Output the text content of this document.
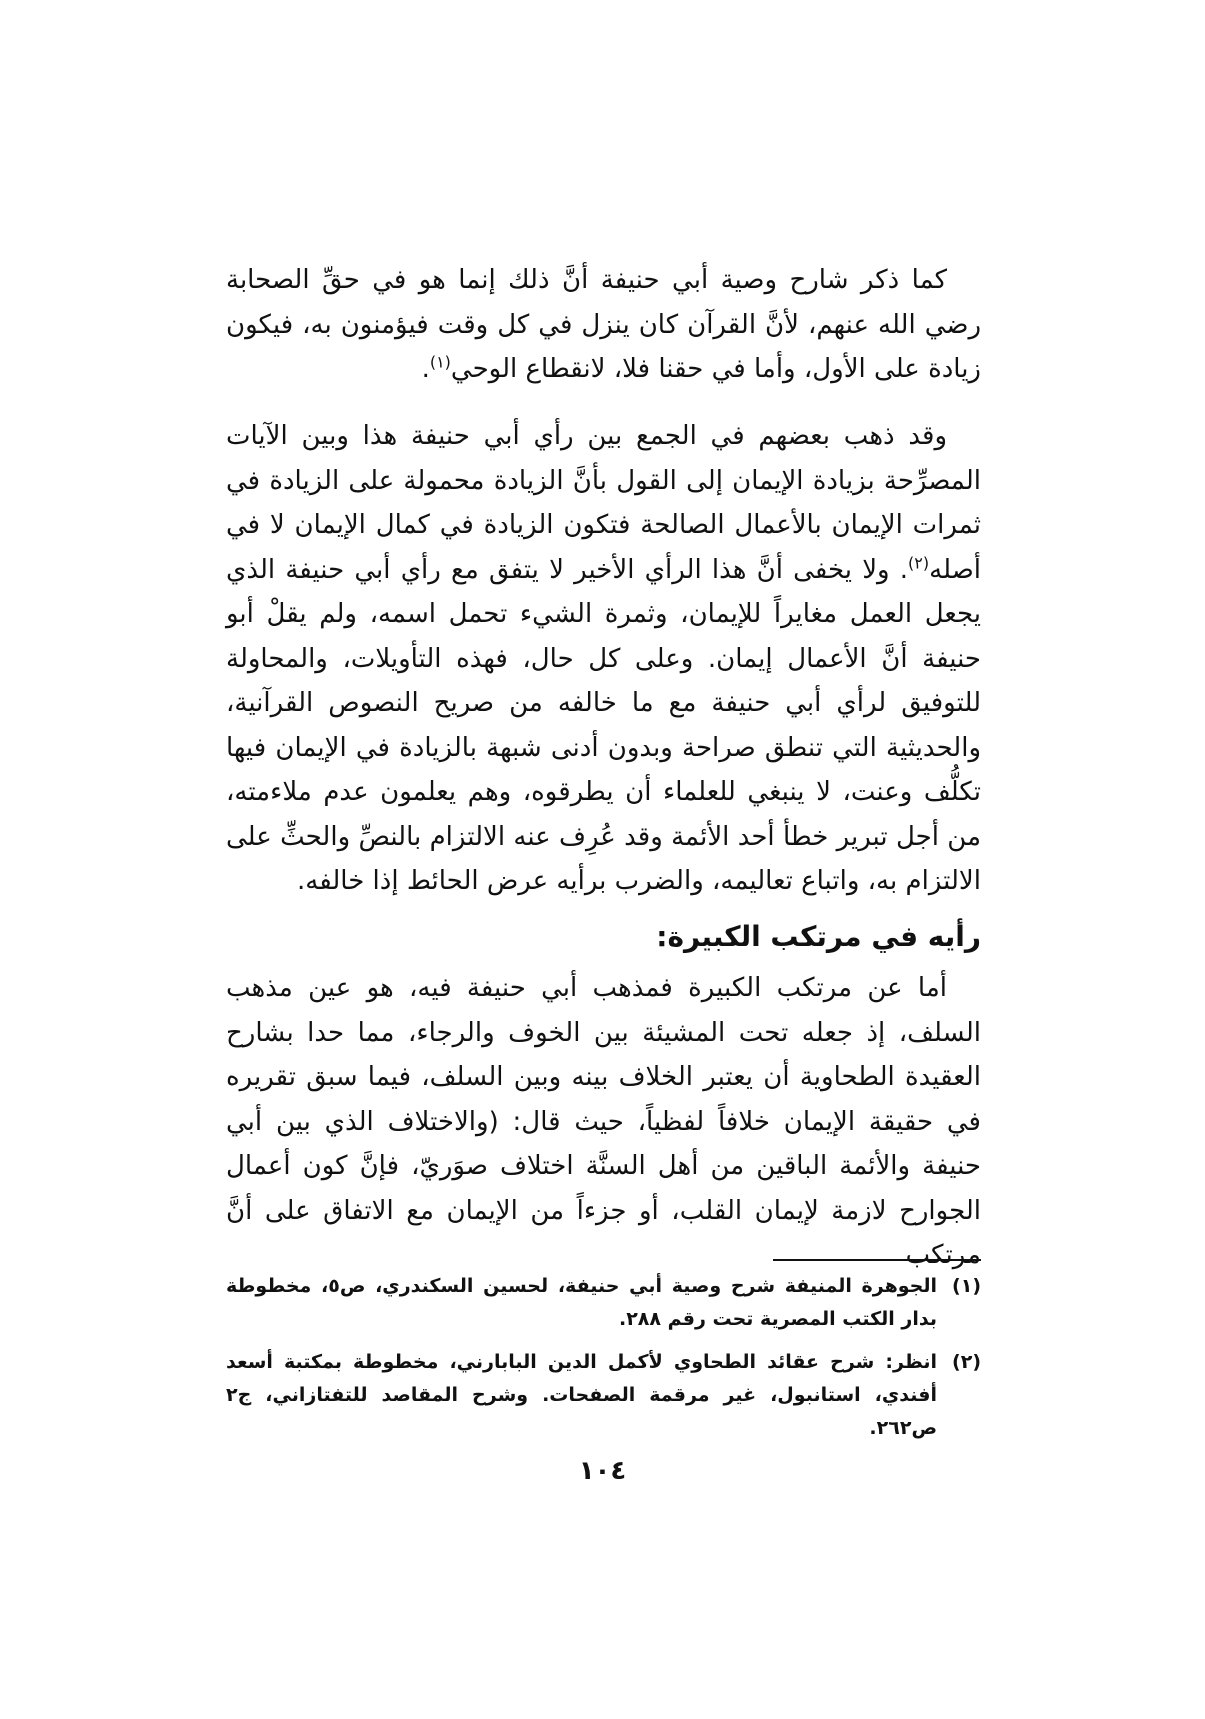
كما ذكر شارح وصية أبي حنيفة أنَّ ذلك إنما هو في حقِّ الصحابة رضي الله عنهم، لأنَّ القرآن كان ينزل في كل وقت فيؤمنون به، فيكون زيادة على الأول، وأما في حقنا فلا، لانقطاع الوحي$^{(١)}$.

وقد ذهب بعضهم في الجمع بين رأي أبي حنيفة هذا وبين الآيات المصرِّحة بزيادة الإيمان إلى القول بأنَّ الزيادة محمولة على الزيادة في ثمرات الإيمان بالأعمال الصالحة فتكون الزيادة في كمال الإيمان لا في أصله$^{(٢)}$. ولا يخفى أنَّ هذا الرأي الأخير لا يتفق مع رأي أبي حنيفة الذي يجعل العمل مغايراً للإيمان، وثمرة الشيء تحمل اسمه، ولم يقلْ أبو حنيفة أنَّ الأعمال إيمان. وعلى كل حال، فهذه التأويلات، والمحاولة للتوفيق لرأي أبي حنيفة مع ما خالفه من صريح النصوص القرآنية، والحديثية التي تنطق صراحة وبدون أدنى شبهة بالزيادة في الإيمان فيها تكلُّف وعنت، لا ينبغي للعلماء أن يطرقوه، وهم يعلمون عدم ملاءمته، من أجل تبرير خطأ أحد الأئمة وقد عُرِف عنه الالتزام بالنصِّ والحثِّ على الالتزام به، واتباع تعاليمه، والضرب برأيه عرض الحائط إذا خالفه.

رأيه في مرتكب الكبيرة:

أما عن مرتكب الكبيرة فمذهب أبي حنيفة فيه، هو عين مذهب السلف، إذ جعله تحت المشيئة بين الخوف والرجاء، مما حدا بشارح العقيدة الطحاوية أن يعتبر الخلاف بينه وبين السلف، فيما سبق تقريره في حقيقة الإيمان خلافاً لفظياً، حيث قال: (والاختلاف الذي بين أبي حنيفة والأئمة الباقين من أهل السنَّة اختلاف صوَريّ، فإنَّ كون أعمال الجوارح لازمة لإيمان القلب، أو جزءاً من الإيمان مع الاتفاق على أنَّ مرتكب

(١)
الجوهرة المنيفة شرح وصية أبي حنيفة، لحسين السكندري، ص٥، مخطوطة بدار الكتب المصرية تحت رقم ٢٨٨.
(٢)
انظر: شرح عقائد الطحاوي لأكمل الدين البابارني، مخطوطة بمكتبة أسعد أفندي، استانبول، غير مرقمة الصفحات. وشرح المقاصد للتفتازاني، ج٢ ص٢٦٢.
١٠٤
